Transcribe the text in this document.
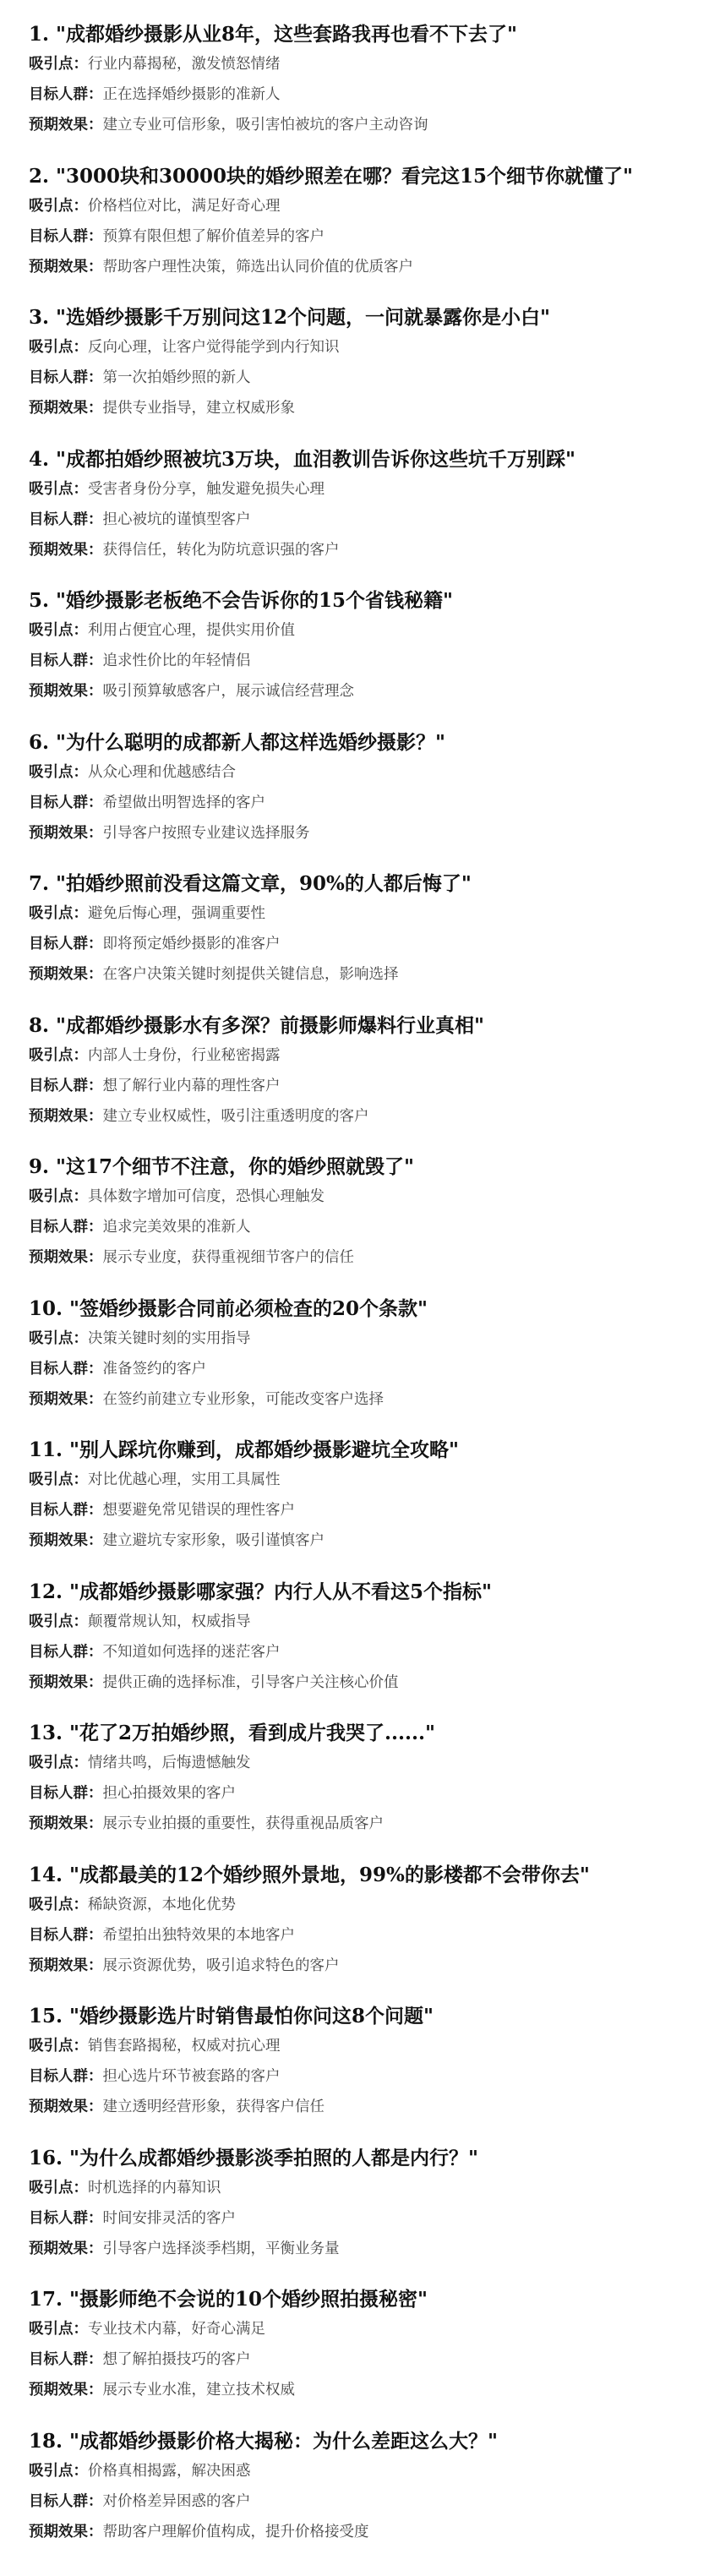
1. "成都婚纱摄影从业8年，这些套路我再也看不下去了"
吸引点：行业内幕揭秘，激发愤怒情绪
目标人群：正在选择婚纱摄影的准新人
预期效果：建立专业可信形象，吸引害怕被坑的客户主动咨询
2. "3000块和30000块的婚纱照差在哪？看完这15个细节你就懂了"
吸引点：价格档位对比，满足好奇心理
目标人群：预算有限但想了解价值差异的客户
预期效果：帮助客户理性决策，筛选出认同价值的优质客户
3. "选婚纱摄影千万别问这12个问题，一问就暴露你是小白"
吸引点：反向心理，让客户觉得能学到内行知识
目标人群：第一次拍婚纱照的新人
预期效果：提供专业指导，建立权威形象
4. "成都拍婚纱照被坑3万块，血泪教训告诉你这些坑千万别踩"
吸引点：受害者身份分享，触发避免损失心理
目标人群：担心被坑的谨慎型客户
预期效果：获得信任，转化为防坑意识强的客户
5. "婚纱摄影老板绝不会告诉你的15个省钱秘籍"
吸引点：利用占便宜心理，提供实用价值
目标人群：追求性价比的年轻情侣
预期效果：吸引预算敏感客户，展示诚信经营理念
6. "为什么聪明的成都新人都这样选婚纱摄影？"
吸引点：从众心理和优越感结合
目标人群：希望做出明智选择的客户
预期效果：引导客户按照专业建议选择服务
7. "拍婚纱照前没看这篇文章，90%的人都后悔了"
吸引点：避免后悔心理，强调重要性
目标人群：即将预定婚纱摄影的准客户
预期效果：在客户决策关键时刻提供关键信息，影响选择
8. "成都婚纱摄影水有多深？前摄影师爆料行业真相"
吸引点：内部人士身份，行业秘密揭露
目标人群：想了解行业内幕的理性客户
预期效果：建立专业权威性，吸引注重透明度的客户
9. "这17个细节不注意，你的婚纱照就毁了"
吸引点：具体数字增加可信度，恐惧心理触发
目标人群：追求完美效果的准新人
预期效果：展示专业度，获得重视细节客户的信任
10. "签婚纱摄影合同前必须检查的20个条款"
吸引点：决策关键时刻的实用指导
目标人群：准备签约的客户
预期效果：在签约前建立专业形象，可能改变客户选择
11. "别人踩坑你赚到，成都婚纱摄影避坑全攻略"
吸引点：对比优越心理，实用工具属性
目标人群：想要避免常见错误的理性客户
预期效果：建立避坑专家形象，吸引谨慎客户
12. "成都婚纱摄影哪家强？内行人从不看这5个指标"
吸引点：颠覆常规认知，权威指导
目标人群：不知道如何选择的迷茫客户
预期效果：提供正确的选择标准，引导客户关注核心价值
13. "花了2万拍婚纱照，看到成片我哭了......"
吸引点：情绪共鸣，后悔遗憾触发
目标人群：担心拍摄效果的客户
预期效果：展示专业拍摄的重要性，获得重视品质客户
14. "成都最美的12个婚纱照外景地，99%的影楼都不会带你去"
吸引点：稀缺资源，本地化优势
目标人群：希望拍出独特效果的本地客户
预期效果：展示资源优势，吸引追求特色的客户
15. "婚纱摄影选片时销售最怕你问这8个问题"
吸引点：销售套路揭秘，权威对抗心理
目标人群：担心选片环节被套路的客户
预期效果：建立透明经营形象，获得客户信任
16. "为什么成都婚纱摄影淡季拍照的人都是内行？"
吸引点：时机选择的内幕知识
目标人群：时间安排灵活的客户
预期效果：引导客户选择淡季档期，平衡业务量
17. "摄影师绝不会说的10个婚纱照拍摄秘密"
吸引点：专业技术内幕，好奇心满足
目标人群：想了解拍摄技巧的客户
预期效果：展示专业水准，建立技术权威
18. "成都婚纱摄影价格大揭秘：为什么差距这么大？"
吸引点：价格真相揭露，解决困惑
目标人群：对价格差异困惑的客户
预期效果：帮助客户理解价值构成，提升价格接受度
